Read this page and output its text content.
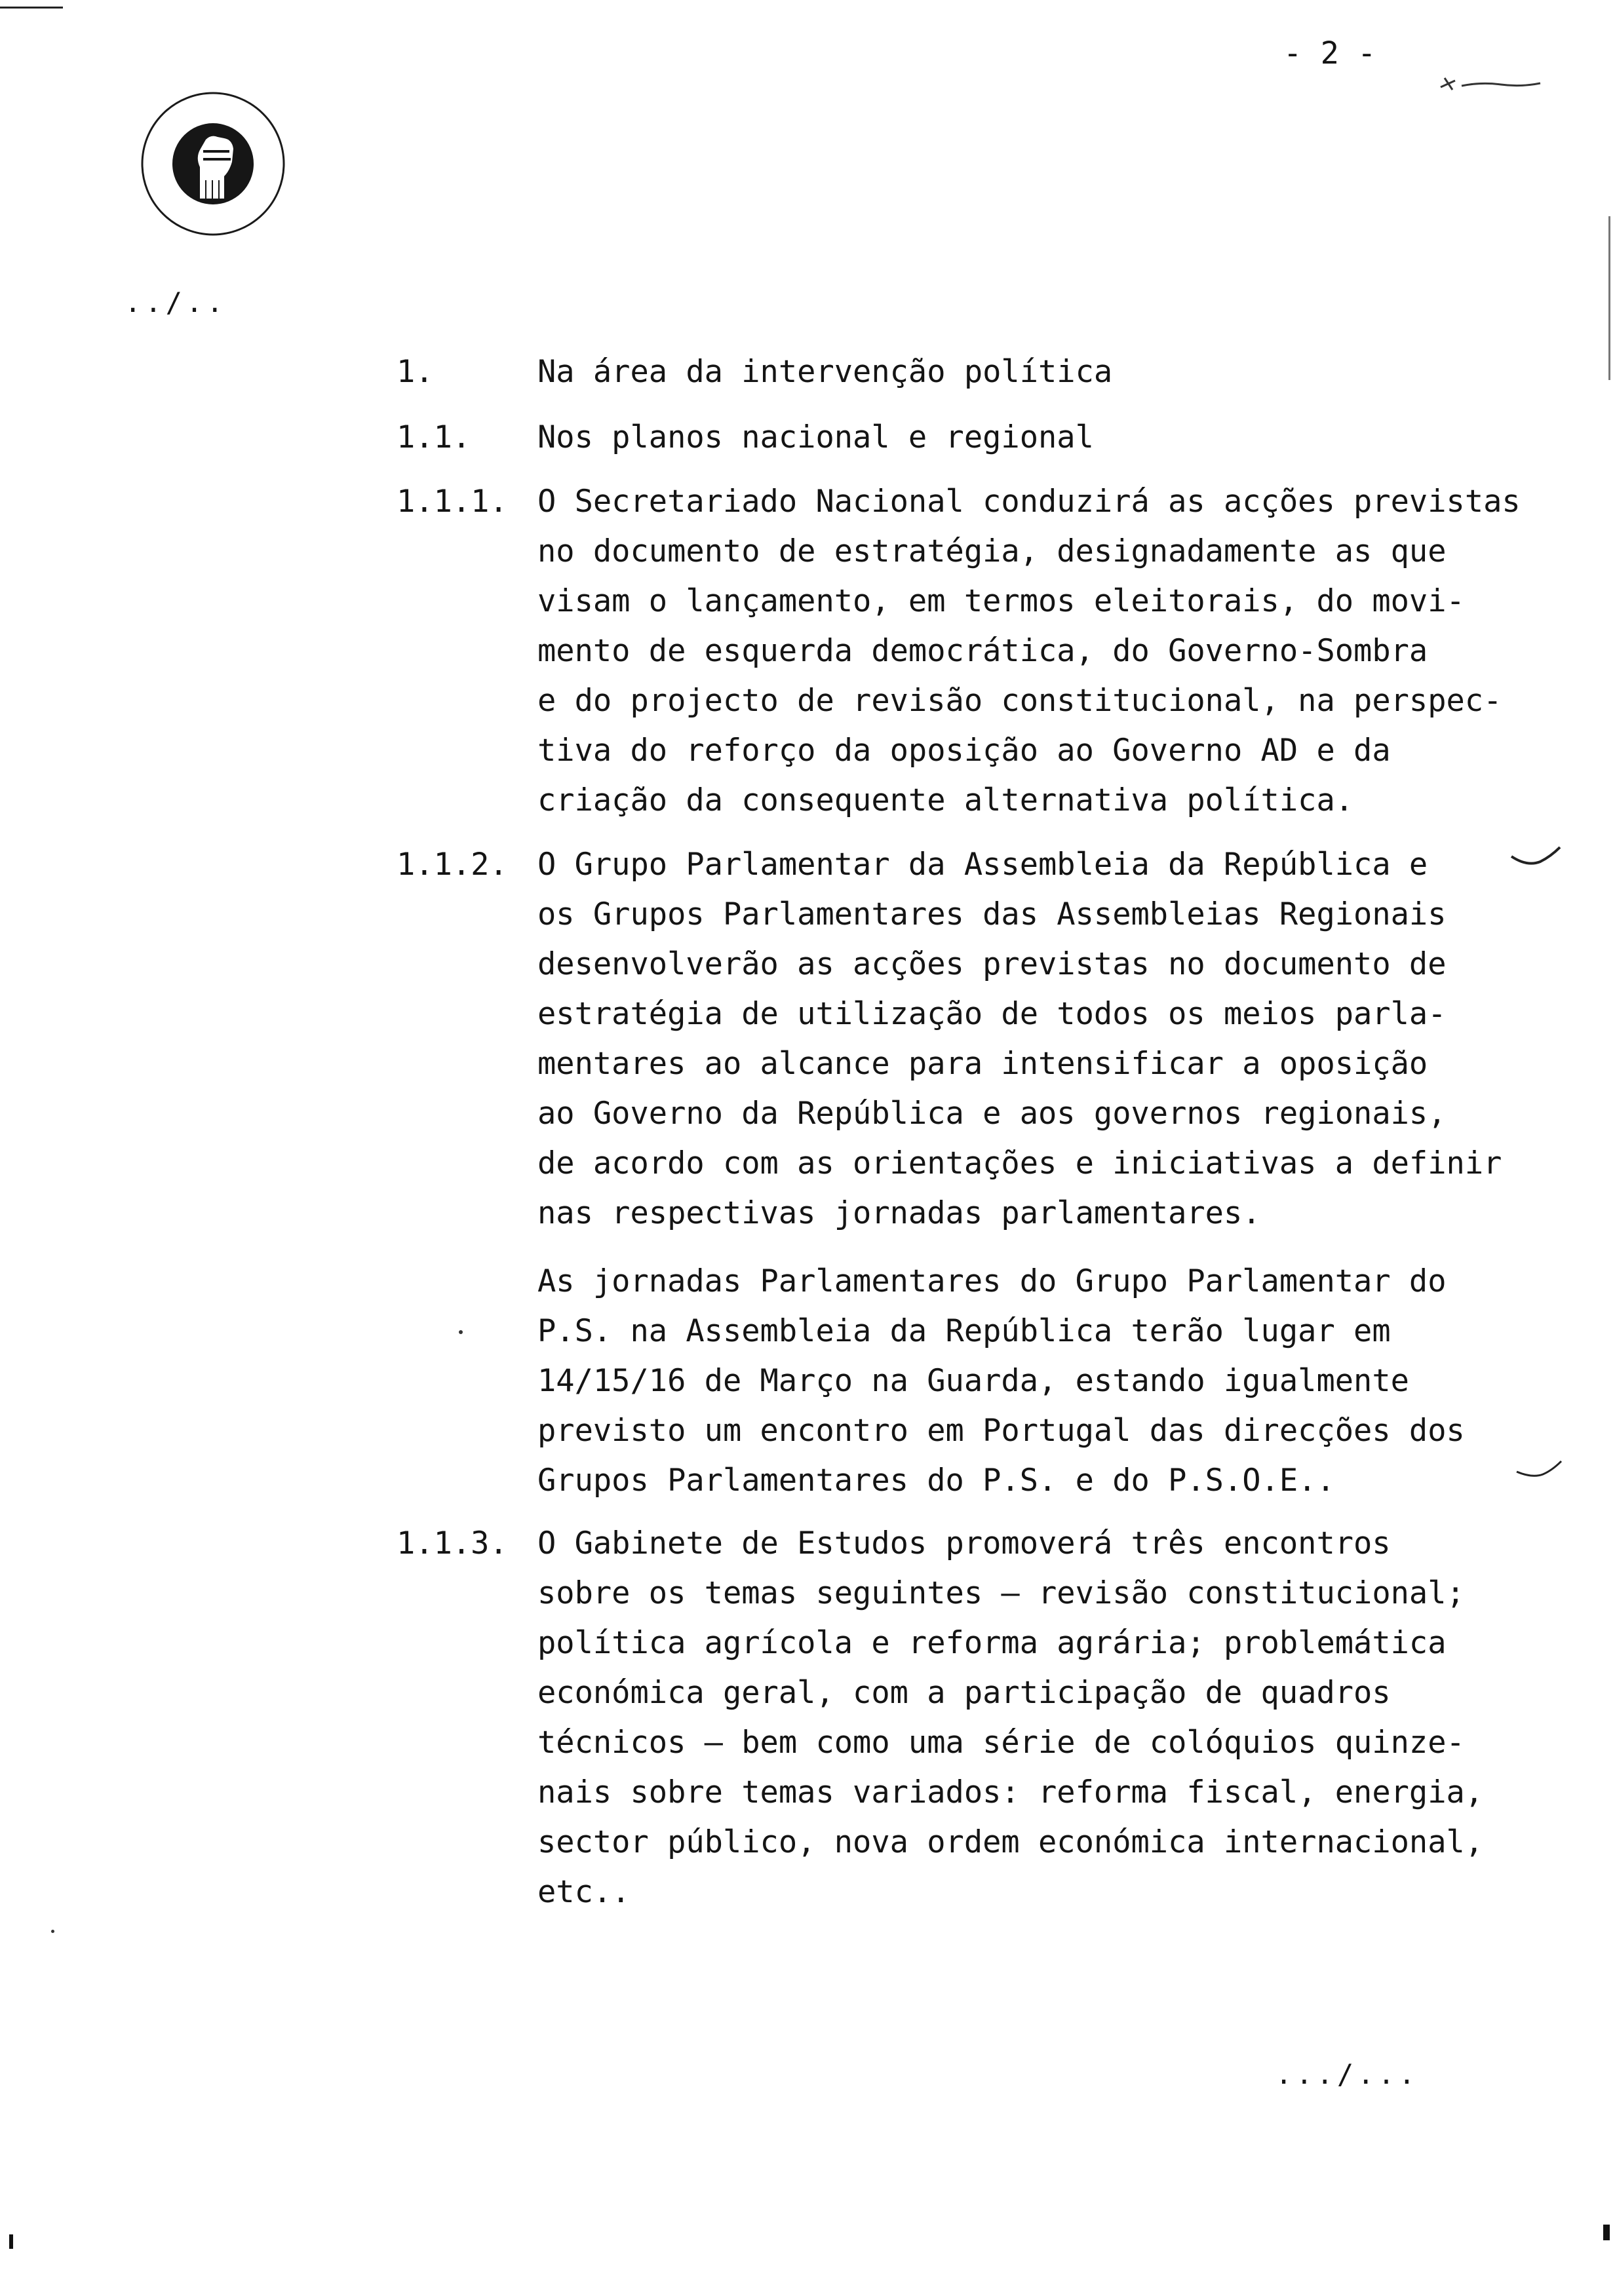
- 2 -
../..
1.	Na área da intervenção política
1.1. Nos planos nacional e regional
1.1.1. O Secretariado Nacional conduzirá as acções previstas
no documento de estratégia, designadamente as que
visam o lançamento, em termos eleitorais, do movi-
mento de esquerda democrática, do Governo-Sombra
e do projecto de revisão constitucional, na perspec-
tiva do reforço da oposição ao Governo AD e da
criação da consequente alternativa política.
1.1.2. O Grupo Parlamentar da Assembleia da República e
os Grupos Parlamentares das Assembleias Regionais
desenvolverão as acções previstas no documento de
estratégia de utilização de todos os meios parla-
mentares ao alcance para intensificar a oposição
ao Governo da República e aos governos regionais,
de acordo com as orientações e iniciativas a definir
nas respectivas jornadas parlamentares.
As jornadas Parlamentares do Grupo Parlamentar do
P.S. na Assembleia da República terão lugar em
14/15/16 de Março na Guarda, estando igualmente
previsto um encontro em Portugal das direcções dos
Grupos Parlamentares do P.S. e do P.S.O.E..
1.1.3. O Gabinete de Estudos promoverá três encontros
sobre os temas seguintes — revisão constitucional;
política agrícola e reforma agrária; problemática
económica geral, com a participação de quadros
técnicos — bem como uma série de colóquios quinze-
nais sobre temas variados: reforma fiscal, energia,
sector público, nova ordem económica internacional,
etc..
.../...
